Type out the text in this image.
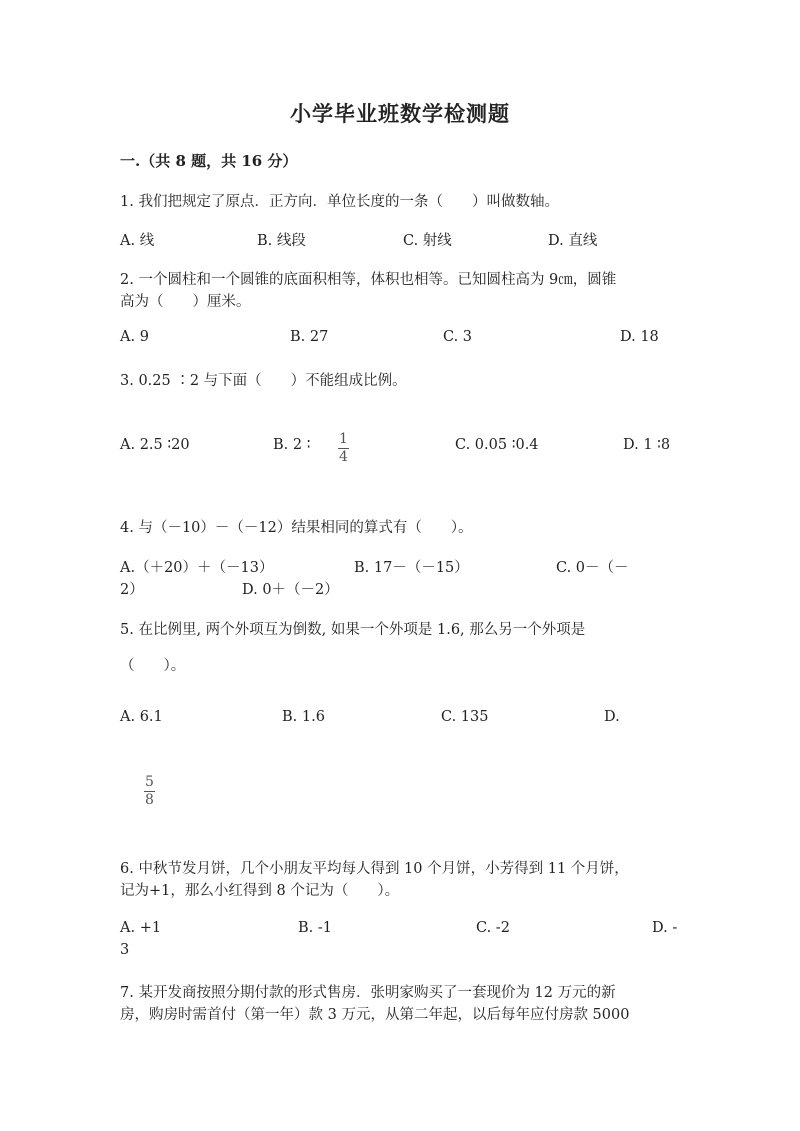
小学毕业班数学检测题
一.（共 8 题，共 16 分）
1. 我们把规定了原点．正方向．单位长度的一条（　　）叫做数轴。
A. 线	B. 线段	C. 射线	D. 直线
2. 一个圆柱和一个圆锥的底面积相等，体积也相等。已知圆柱高为 9㎝，圆锥
高为（　　）厘米。
A. 9	B. 27	C. 3	D. 18
3. 0.25 ∶2 与下面（　　）不能组成比例。
A. 2.5 ∶20	B. 2 ∶ 1
4
C. 0.05 ∶0.4	D. 1 ∶8
4. 与（－10）－（－12）结果相同的算式有（　　）。
A.（＋20）＋（－13）	B. 17－（－15）	C. 0－（－
2）	D. 0＋（－2）
5. 在比例里, 两个外项互为倒数, 如果一个外项是 1.6, 那么另一个外项是
（　　）。
A. 6.1	B. 1.6	C. 135	D.
5
8
6. 中秋节发月饼，几个小朋友平均每人得到 10 个月饼，小芳得到 11 个月饼，
记为+1，那么小红得到 8 个记为（　　）。
A. +1	B. -1	C. -2	D. -
3
7. 某开发商按照分期付款的形式售房．张明家购买了一套现价为 12 万元的新
房，购房时需首付（第一年）款 3 万元，从第二年起，以后每年应付房款 5000
